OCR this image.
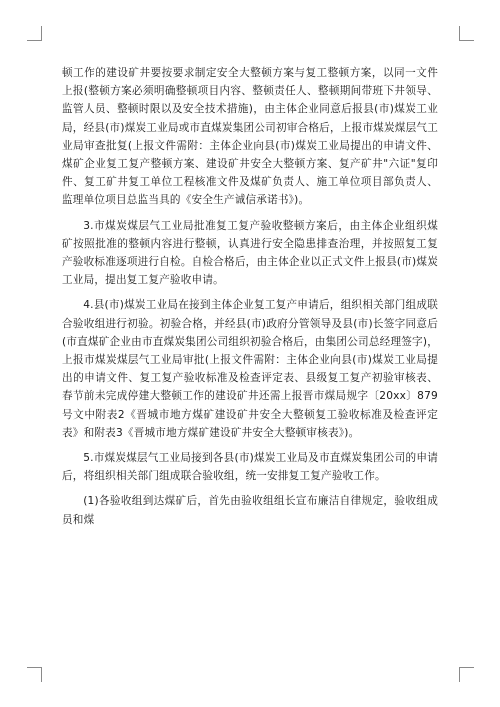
顿工作的建设矿井要按要求制定安全大整顿方案与复工整顿方案，以同一文件上报(整顿方案必须明确整顿项目内容、整顿责任人、整顿期间带班下井领导、监管人员、整顿时限以及安全技术措施)，由主体企业同意后报县(市)煤炭工业局，经县(市)煤炭工业局或市直煤炭集团公司初审合格后，上报市煤炭煤层气工业局审查批复(上报文件需附：主体企业向县(市)煤炭工业局提出的申请文件、煤矿企业复工复产整顿方案、建设矿井安全大整顿方案、复产矿井"六证"复印件、复工矿井复工单位工程核准文件及煤矿负责人、施工单位项目部负责人、监理单位项目总监当具的《安全生产诚信承诺书》)。

3.市煤炭煤层气工业局批准复工复产验收整顿方案后，由主体企业组织煤矿按照批准的整顿内容进行整顿，认真进行安全隐患排查治理，并按照复工复产验收标准逐项进行自检。自检合格后，由主体企业以正式文件上报县(市)煤炭工业局，提出复工复产验收申请。

4.县(市)煤炭工业局在接到主体企业复工复产申请后，组织相关部门组成联合验收组进行初验。初验合格，并经县(市)政府分管领导及县(市)长签字同意后(市直煤矿企业由市直煤炭集团公司组织初验合格后，由集团公司总经理签字)，上报市煤炭煤层气工业局审批(上报文件需附：主体企业向县(市)煤炭工业局提出的申请文件、复工复产验收标准及检查评定表、县级复工复产初验审核表、春节前未完成停建大整顿工作的建设矿井还需上报晋市煤局规字〔20xx〕879号文中附表2《晋城市地方煤矿建设矿井安全大整顿复工验收标准及检查评定表》和附表3《晋城市地方煤矿建设矿井安全大整顿审核表》)。

5.市煤炭煤层气工业局接到各县(市)煤炭工业局及市直煤炭集团公司的申请后，将组织相关部门组成联合验收组，统一安排复工复产验收工作。

(1)各验收组到达煤矿后，首先由验收组组长宣布廉洁自律规定，验收组成员和煤
